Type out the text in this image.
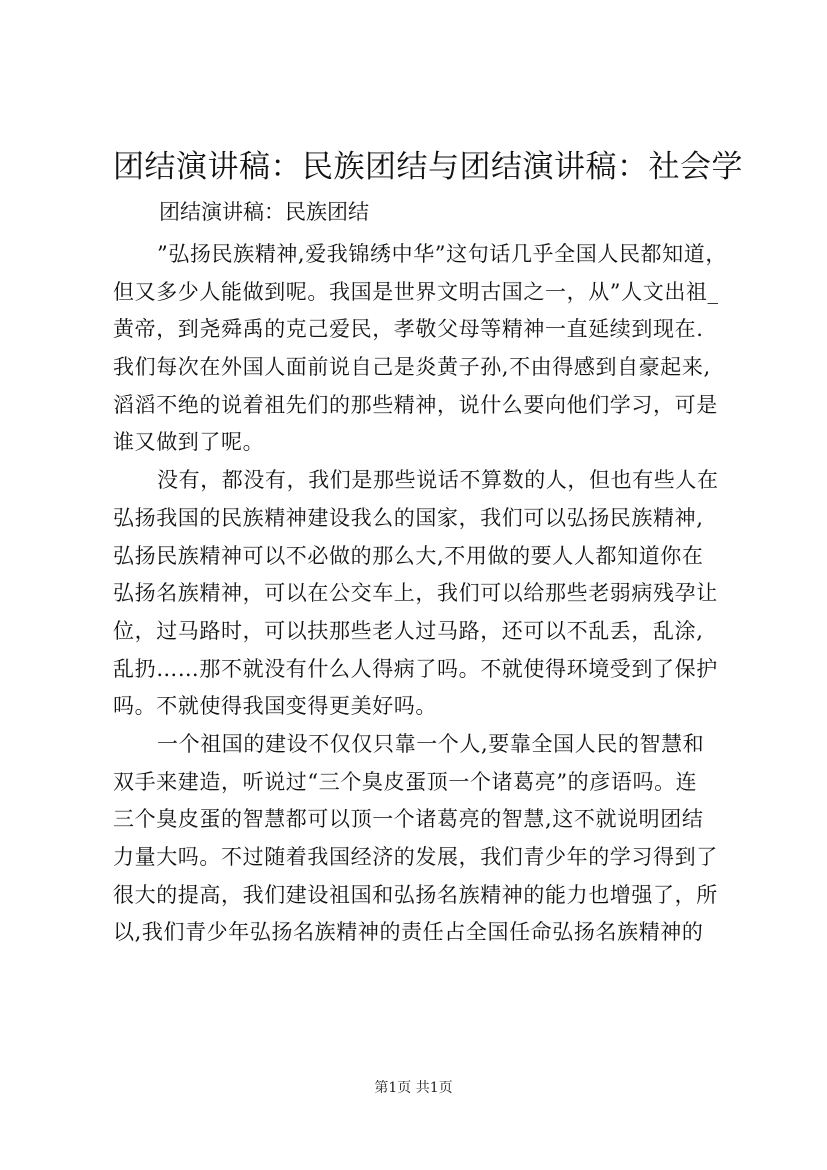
团结演讲稿：民族团结与团结演讲稿：社会学

团结演讲稿：民族团结

”弘扬民族精神,爱我锦绣中华”这句话几乎全国人民都知道，
但又多少人能做到呢。我国是世界文明古国之一，从”人文出祖_
黄帝，到尧舜禹的克己爱民，孝敬父母等精神一直延续到现在.
我们每次在外国人面前说自己是炎黄子孙,不由得感到自豪起来,
滔滔不绝的说着祖先们的那些精神，说什么要向他们学习，可是
谁又做到了呢。
没有，都没有，我们是那些说话不算数的人，但也有些人在
弘扬我国的民族精神建设我么的国家，我们可以弘扬民族精神,
弘扬民族精神可以不必做的那么大,不用做的要人人都知道你在
弘扬名族精神，可以在公交车上，我们可以给那些老弱病残孕让
位，过马路时，可以扶那些老人过马路，还可以不乱丢，乱涂,
乱扔……那不就没有什么人得病了吗。不就使得环境受到了保护
吗。不就使得我国变得更美好吗。
一个祖国的建设不仅仅只靠一个人,要靠全国人民的智慧和
双手来建造，听说过“三个臭皮蛋顶一个诸葛亮”的彦语吗。连
三个臭皮蛋的智慧都可以顶一个诸葛亮的智慧,这不就说明团结
力量大吗。不过随着我国经济的发展，我们青少年的学习得到了
很大的提高，我们建设祖国和弘扬名族精神的能力也增强了，所
以,我们青少年弘扬名族精神的责任占全国任命弘扬名族精神的
第1页 共1页
